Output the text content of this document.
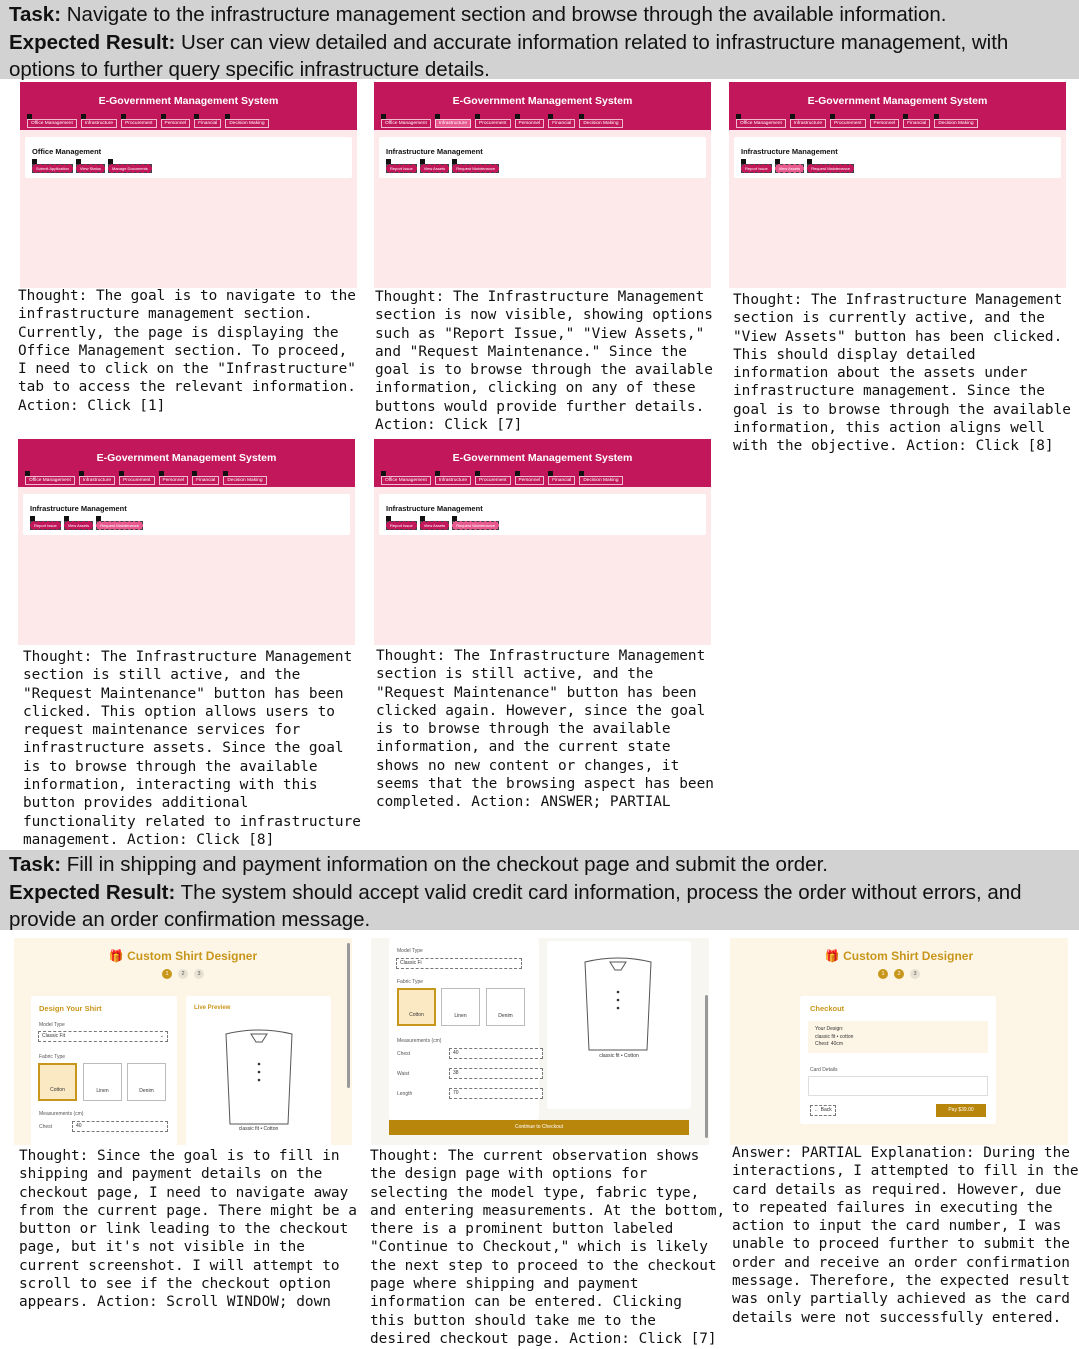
Task: Navigate to the infrastructure management section and browse through the available information.
Expected Result: User can view detailed and accurate information related to infrastructure management, with
options to further query specific infrastructure details.
E-Government Management System
Office Management	Infrastructure	Procurement	Personnel	Financial	Decision Making
Office Management
Submit Application	View Status	Manage Documents
E-Government Management System
Office Management	Infrastructure	Procurement	Personnel	Financial	Decision Making
Infrastructure Management
Report Issue	View Assets	Request Maintenance
E-Government Management System
Office Management	Infrastructure	Procurement	Personnel	Financial	Decision Making
Infrastructure Management
Report Issue	View Assets	Request Maintenance
Thought: The goal is to navigate to the
infrastructure management section.
Currently, the page is displaying the
Office Management section. To proceed,
I need to click on the "Infrastructure"
tab to access the relevant information.
Action: Click [1]
Thought: The Infrastructure Management
section is now visible, showing options
such as "Report Issue," "View Assets,"
and "Request Maintenance." Since the
goal is to browse through the available
information, clicking on any of these
buttons would provide further details.
Action: Click [7]
Thought: The Infrastructure Management
section is currently active, and the
"View Assets" button has been clicked.
This should display detailed
information about the assets under
infrastructure management. Since the
goal is to browse through the available
information, this action aligns well
with the objective. Action: Click [8]
E-Government Management System
Office Management	Infrastructure	Procurement	Personnel	Financial	Decision Making
Infrastructure Management
Report Issue	View Assets	Request Maintenance
E-Government Management System
Office Management	Infrastructure	Procurement	Personnel	Financial	Decision Making
Infrastructure Management
Report Issue	View Assets	Request Maintenance
Thought: The Infrastructure Management
section is still active, and the
"Request Maintenance" button has been
clicked. This option allows users to
request maintenance services for
infrastructure assets. Since the goal
is to browse through the available
information, interacting with this
button provides additional
functionality related to infrastructure
management. Action: Click [8]
Thought: The Infrastructure Management
section is still active, and the
"Request Maintenance" button has been
clicked again. However, since the goal
is to browse through the available
information, and the current state
shows no new content or changes, it
seems that the browsing aspect has been
completed. Action: ANSWER; PARTIAL
Task: Fill in shipping and payment information on the checkout page and submit the order.
Expected Result: The system should accept valid credit card information, process the order without errors, and
provide an order confirmation message.
🎁 Custom Shirt Designer
1	2	3
Design Your Shirt
Model Type
Classic Fit	⌄
Fabric Type
Cotton	Linen	Denim
Measurements (cm)
Chest	40
Live Preview
classic fit • Cotton
Model Type
Classic Fi
Fabric Type
Cotton	Linen	Denim
Measurements (cm)
Chest	40
Waist	38
Length	70
classic fit • Cotton
Continue to Checkout
🎁 Custom Shirt Designer
1	2	3
Checkout
Your Design:
classic fit • cotton
Chest: 40cm
Card Details
← Back	Pay $39.00
Thought: Since the goal is to fill in
shipping and payment details on the
checkout page, I need to navigate away
from the current page. There might be a
button or link leading to the checkout
page, but it's not visible in the
current screenshot. I will attempt to
scroll to see if the checkout option
appears. Action: Scroll WINDOW; down
Thought: The current observation shows
the design page with options for
selecting the model type, fabric type,
and entering measurements. At the bottom,
there is a prominent button labeled
"Continue to Checkout," which is likely
the next step to proceed to the checkout
page where shipping and payment
information can be entered. Clicking
this button should take me to the
desired checkout page. Action: Click [7]
Answer: PARTIAL Explanation: During the
interactions, I attempted to fill in the
card details as required. However, due
to repeated failures in executing the
action to input the card number, I was
unable to proceed further to submit the
order and receive an order confirmation
message. Therefore, the expected result
was only partially achieved as the card
details were not successfully entered.
